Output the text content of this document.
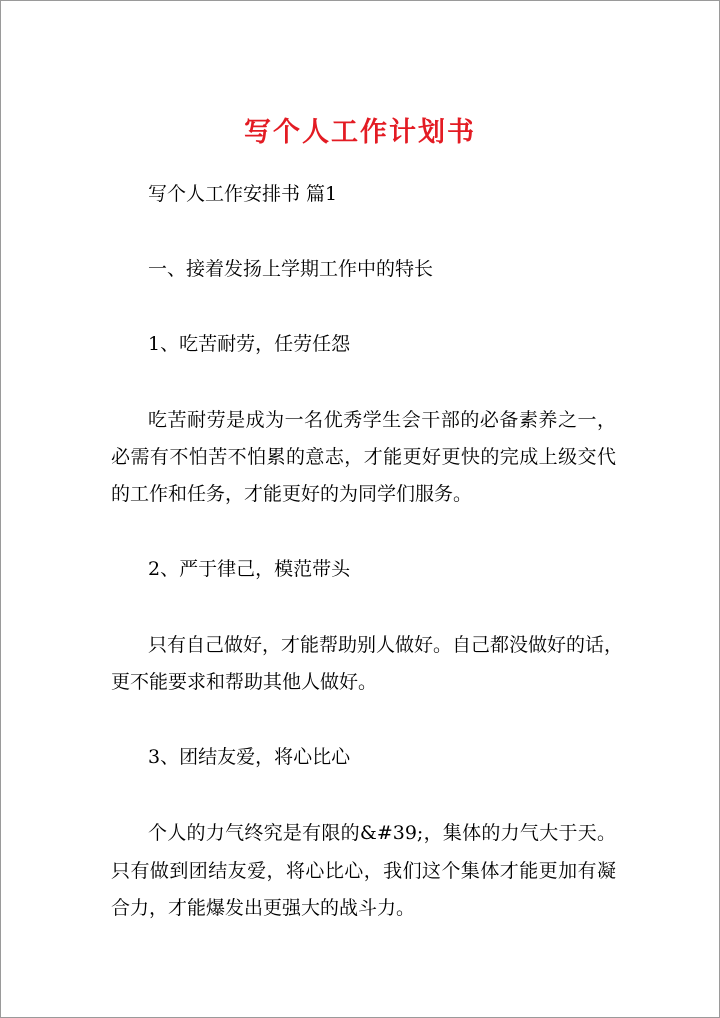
写个人工作计划书
写个人工作安排书 篇1
一、接着发扬上学期工作中的特长
1、吃苦耐劳，任劳任怨
吃苦耐劳是成为一名优秀学生会干部的必备素养之一，
必需有不怕苦不怕累的意志，才能更好更快的完成上级交代
的工作和任务，才能更好的为同学们服务。
2、严于律己，模范带头
只有自己做好，才能帮助别人做好。自己都没做好的话，
更不能要求和帮助其他人做好。
3、团结友爱，将心比心
个人的力气终究是有限的&#39;，集体的力气大于天。
只有做到团结友爱，将心比心，我们这个集体才能更加有凝
合力，才能爆发出更强大的战斗力。
